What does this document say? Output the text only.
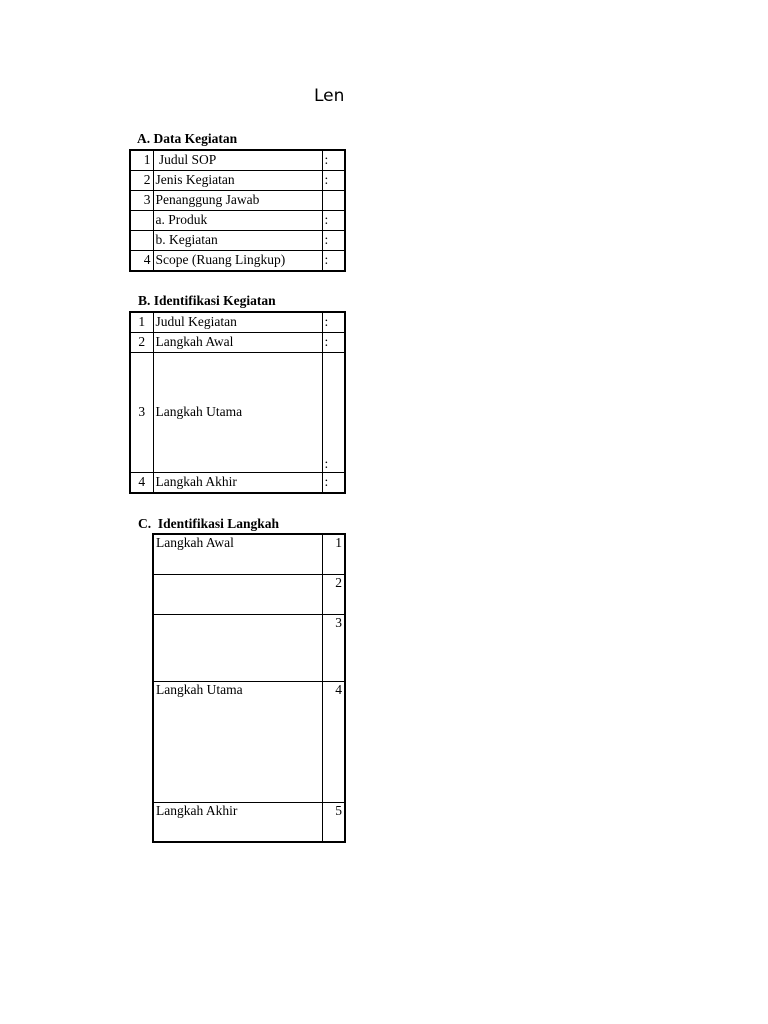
Len
A. Data Kegiatan
1	Judul SOP	:
2	Jenis Kegiatan	:
3	Penanggung Jawab	
	a. Produk	:
	b. Kegiatan	:
4	Scope (Ruang Lingkup)	:
B. Identifikasi Kegiatan
1	Judul Kegiatan	:
2	Langkah Awal	:
3	Langkah Utama	:
4	Langkah Akhir	:
C.  Identifikasi Langkah
Langkah Awal	1
	2
	3
Langkah Utama	4
Langkah Akhir	5
